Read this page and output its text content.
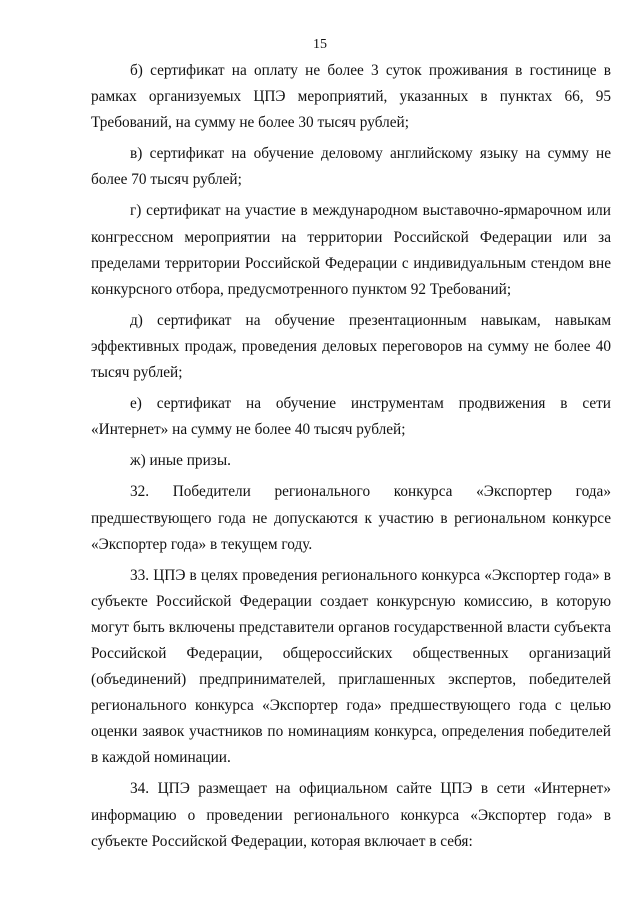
15

б) сертификат на оплату не более 3 суток проживания в гостинице в рамках организуемых ЦПЭ мероприятий, указанных в пунктах 66, 95 Требований, на сумму не более 30 тысяч рублей;

в) сертификат на обучение деловому английскому языку на сумму не более 70 тысяч рублей;

г) сертификат на участие в международном выставочно-ярмарочном или конгрессном мероприятии на территории Российской Федерации или за пределами территории Российской Федерации с индивидуальным стендом вне конкурсного отбора, предусмотренного пунктом 92 Требований;

д) сертификат на обучение презентационным навыкам, навыкам эффективных продаж, проведения деловых переговоров на сумму не более 40 тысяч рублей;

е) сертификат на обучение инструментам продвижения в сети «Интернет» на сумму не более 40 тысяч рублей;

ж) иные призы.

32. Победители регионального конкурса «Экспортер года» предшествующего года не допускаются к участию в региональном конкурсе «Экспортер года» в текущем году.

33. ЦПЭ в целях проведения регионального конкурса «Экспортер года» в субъекте Российской Федерации создает конкурсную комиссию, в которую могут быть включены представители органов государственной власти субъекта Российской Федерации, общероссийских общественных организаций (объединений) предпринимателей, приглашенных экспертов, победителей регионального конкурса «Экспортер года» предшествующего года с целью оценки заявок участников по номинациям конкурса, определения победителей в каждой номинации.

34. ЦПЭ размещает на официальном сайте ЦПЭ в сети «Интернет» информацию о проведении регионального конкурса «Экспортер года» в субъекте Российской Федерации, которая включает в себя:
